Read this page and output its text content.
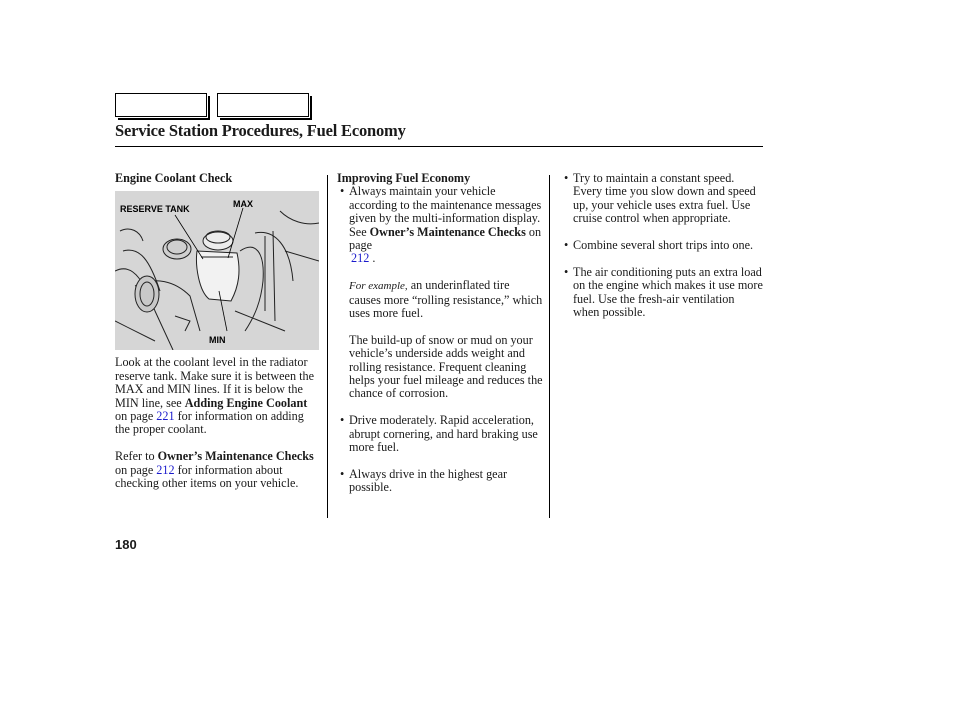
Service Station Procedures, Fuel Economy
Engine Coolant Check
RESERVE TANK	MAX
MIN

Look at the coolant level in the radiator reserve tank. Make sure it is between the MAX and MIN lines. If it is below the MIN line, see Adding Engine Coolant on page 221 for information on adding the proper coolant.

Refer to Owner’s Maintenance Checks on page 212 for information about checking other items on your vehicle.

Improving Fuel Economy
• Always maintain your vehicle according to the maintenance messages given by the multi-information display. See Owner’s Maintenance Checks on page

212 .

For example, an underinflated tire causes more “rolling resistance,” which uses more fuel.

The build-up of snow or mud on your vehicle’s underside adds weight and rolling resistance. Frequent cleaning helps your fuel mileage and reduces the chance of corrosion.

• Drive moderately. Rapid acceleration, abrupt cornering, and hard braking use more fuel.

• Always drive in the highest gear possible.

• Try to maintain a constant speed. Every time you slow down and speed up, your vehicle uses extra fuel. Use cruise control when appropriate.

• Combine several short trips into one.

• The air conditioning puts an extra load on the engine which makes it use more fuel. Use the fresh-air ventilation when possible.

180
